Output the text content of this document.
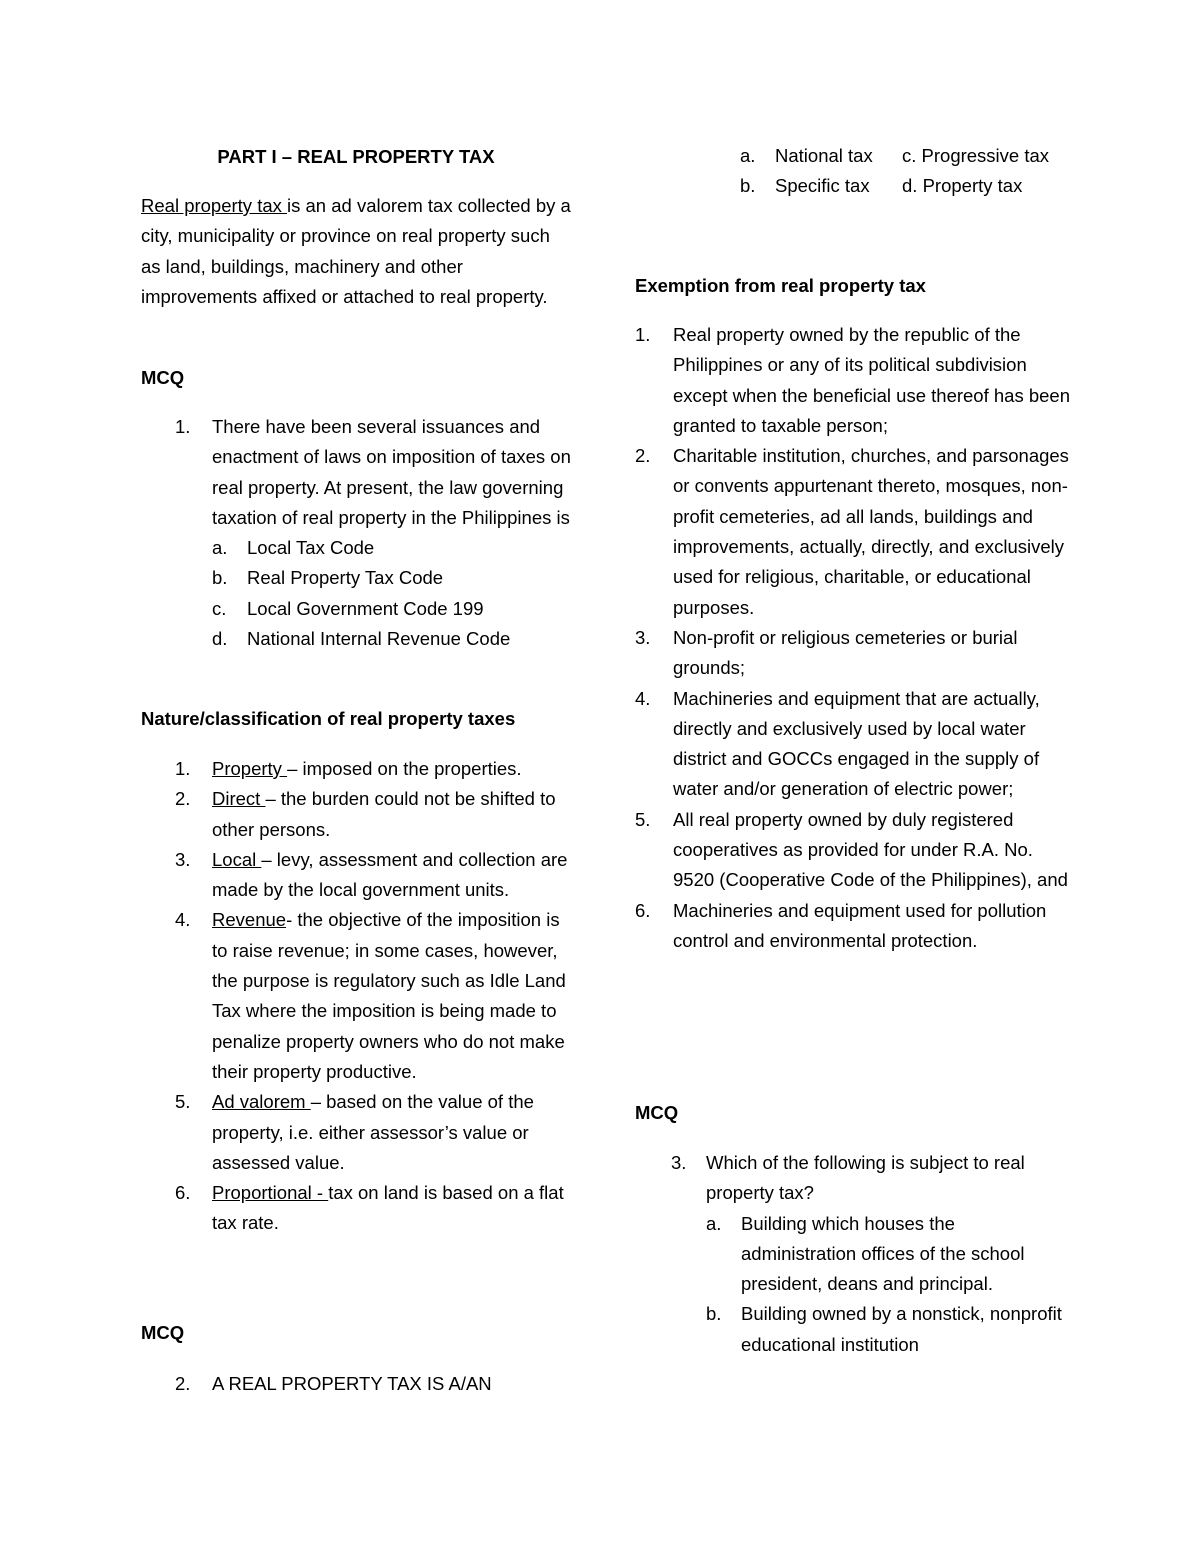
PART I – REAL PROPERTY TAX
Real property tax is an ad valorem tax collected by a city, municipality or province on real property such as land, buildings, machinery and other improvements affixed or attached to real property.
MCQ
1. There have been several issuances and enactment of laws on imposition of taxes on real property. At present, the law governing taxation of real property in the Philippines is
a. Local Tax Code
b. Real Property Tax Code
c. Local Government Code 199
d. National Internal Revenue Code
Nature/classification of real property taxes
1. Property – imposed on the properties.
2. Direct – the burden could not be shifted to other persons.
3. Local – levy, assessment and collection are made by the local government units.
4. Revenue- the objective of the imposition is to raise revenue; in some cases, however, the purpose is regulatory such as Idle Land Tax where the imposition is being made to penalize property owners who do not make their property productive.
5. Ad valorem – based on the value of the property, i.e. either assessor’s value or assessed value.
6. Proportional - tax on land is based on a flat tax rate.
MCQ
2. A REAL PROPERTY TAX IS A/AN
a. National tax c. Progressive tax
b. Specific tax d. Property tax
Exemption from real property tax
1. Real property owned by the republic of the Philippines or any of its political subdivision except when the beneficial use thereof has been granted to taxable person;
2. Charitable institution, churches, and parsonages or convents appurtenant thereto, mosques, non- profit cemeteries, ad all lands, buildings and improvements, actually, directly, and exclusively used for religious, charitable, or educational purposes.
3. Non-profit or religious cemeteries or burial grounds;
4. Machineries and equipment that are actually, directly and exclusively used by local water district and GOCCs engaged in the supply of water and/or generation of electric power;
5. All real property owned by duly registered cooperatives as provided for under R.A. No. 9520 (Cooperative Code of the Philippines), and
6. Machineries and equipment used for pollution control and environmental protection.
MCQ
3. Which of the following is subject to real property tax?
a. Building which houses the administration offices of the school president, deans and principal.
b. Building owned by a nonstick, nonprofit educational institution
